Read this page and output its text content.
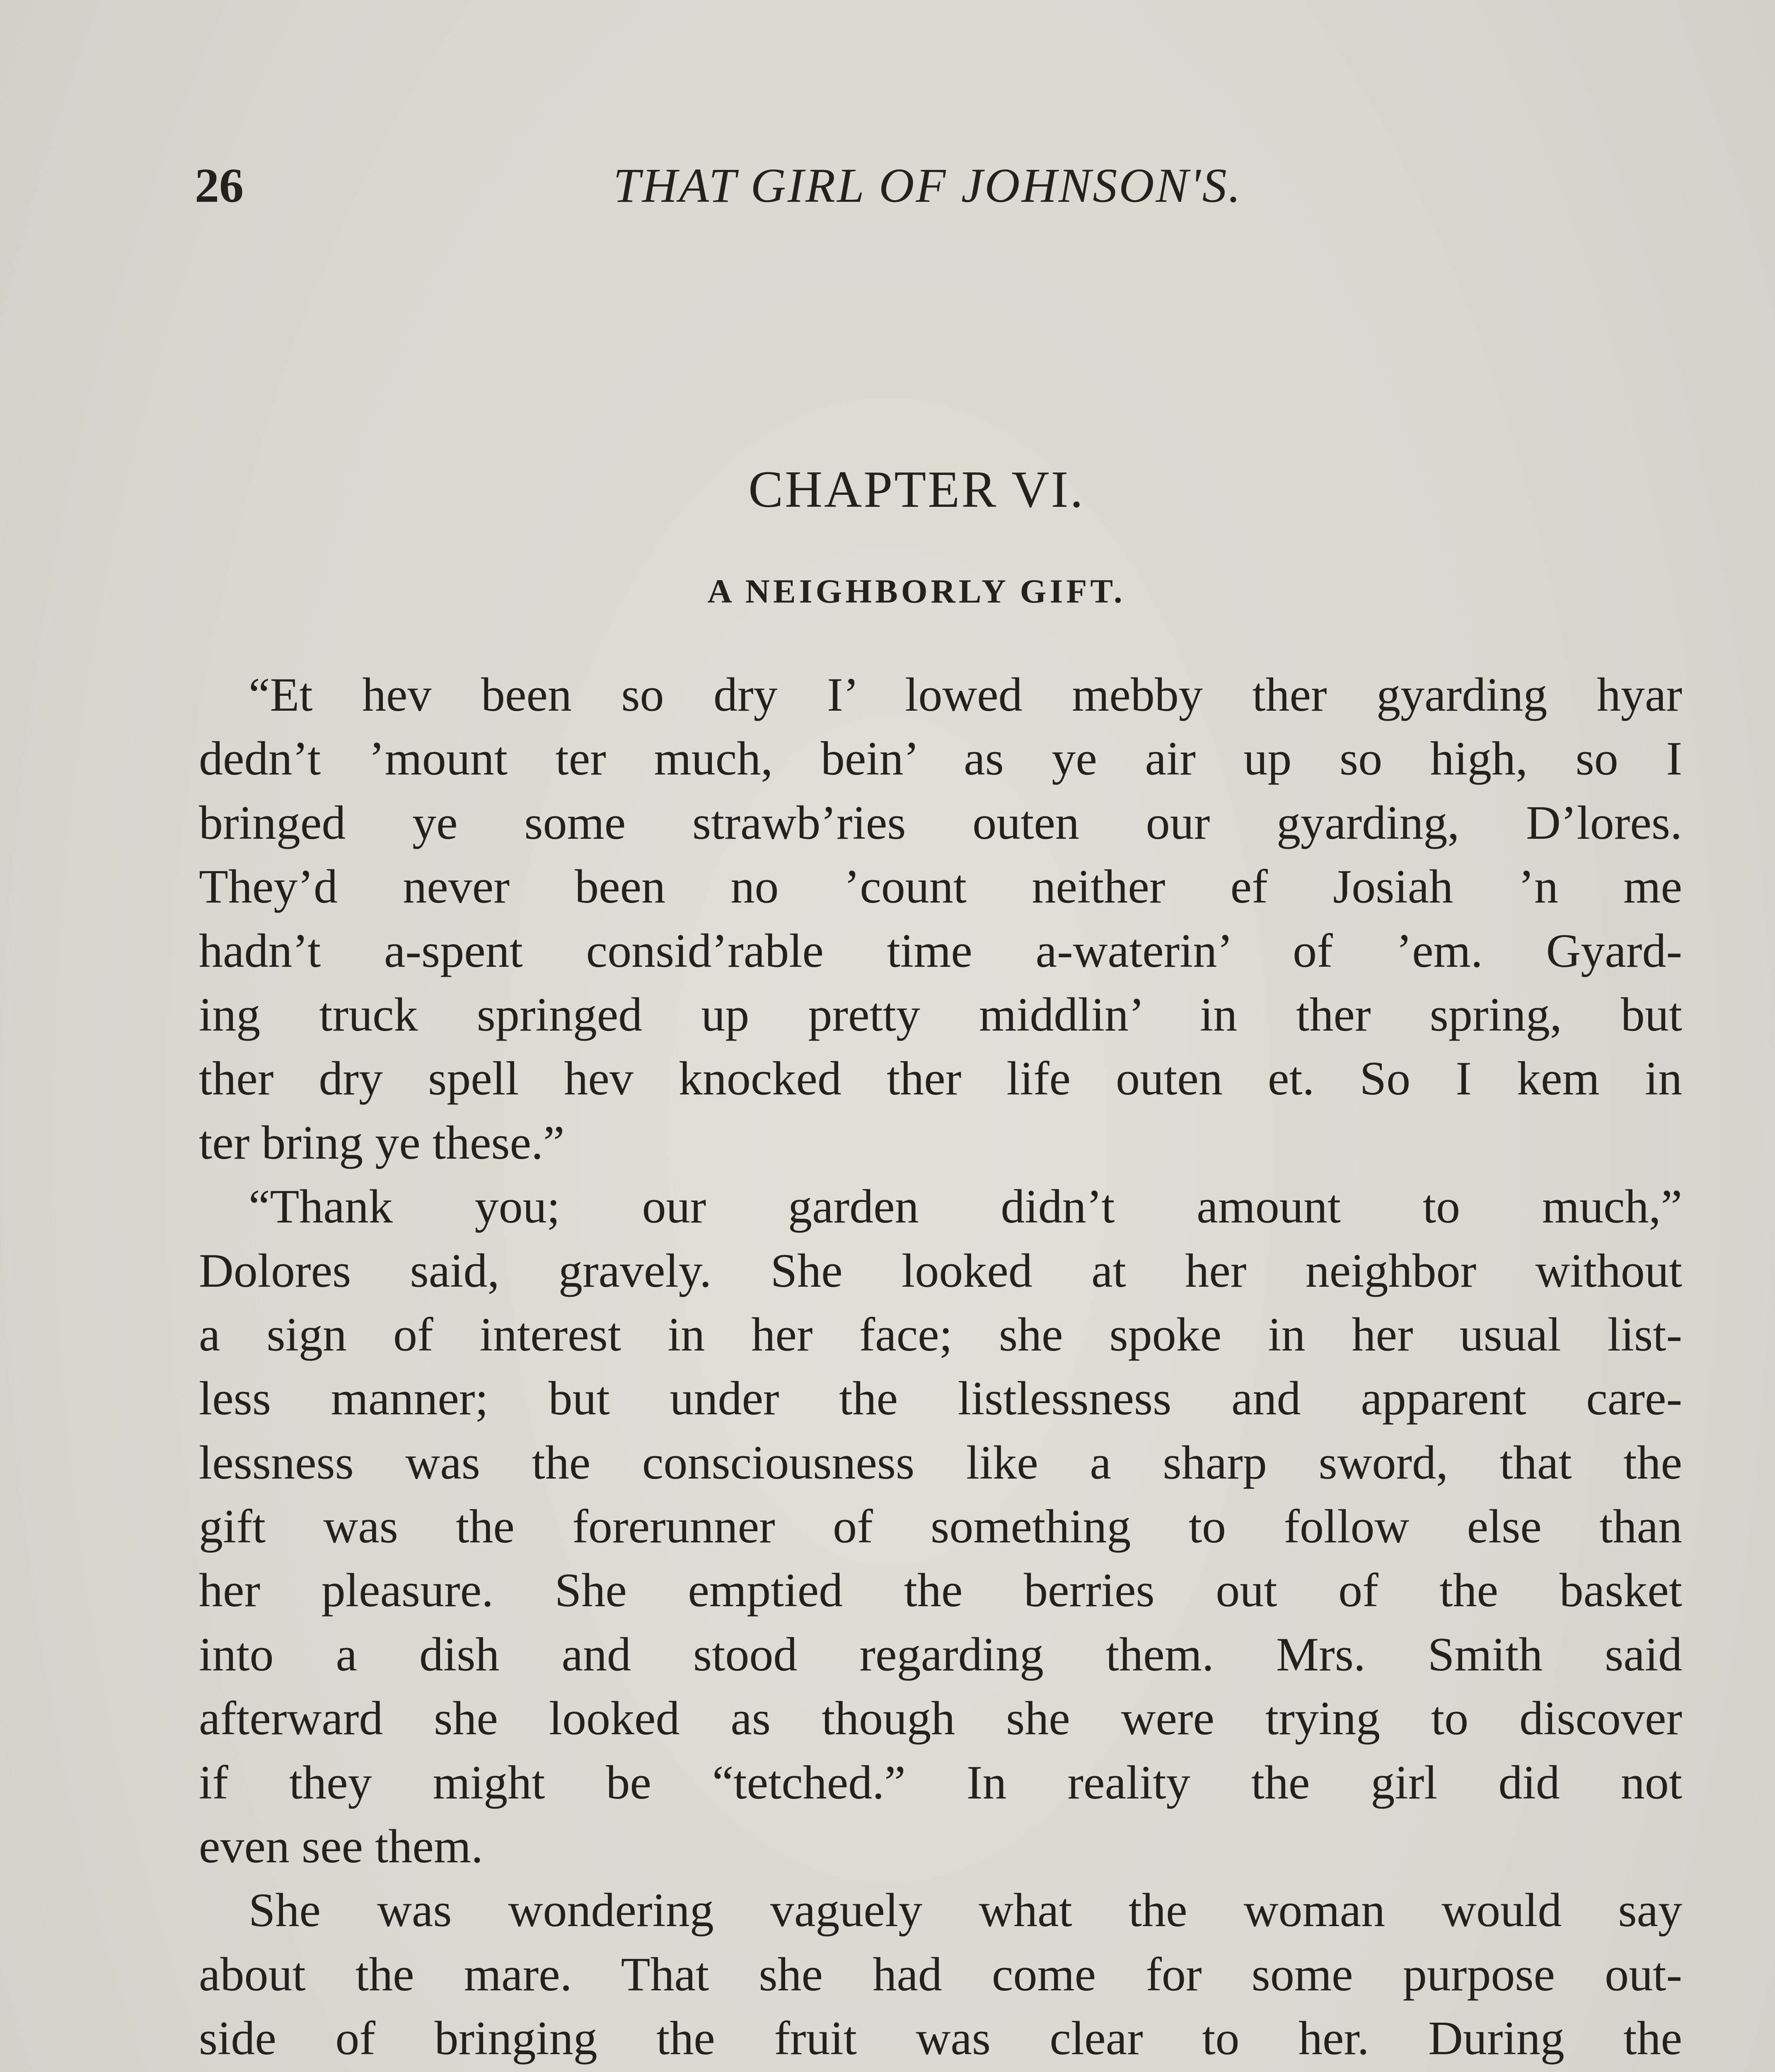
26	THAT GIRL OF JOHNSON'S.
CHAPTER VI.
A NEIGHBORLY GIFT.
“Et hev been so dry I’ lowed mebby ther gyarding hyar
dedn’t ’mount ter much, bein’ as ye air up so high, so I
bringed ye some strawb’ries outen our gyarding, D’lores.
They’d never been no ’count neither ef Josiah ’n me
hadn’t a-spent consid’rable time a-waterin’ of ’em. Gyard-
ing truck springed up pretty middlin’ in ther spring, but
ther dry spell hev knocked ther life outen et. So I kem in
ter bring ye these.”
“Thank you; our garden didn’t amount to much,”
Dolores said, gravely. She looked at her neighbor without
a sign of interest in her face; she spoke in her usual list-
less manner; but under the listlessness and apparent care-
lessness was the consciousness like a sharp sword, that the
gift was the forerunner of something to follow else than
her pleasure. She emptied the berries out of the basket
into a dish and stood regarding them. Mrs. Smith said
afterward she looked as though she were trying to discover
if they might be “tetched.” In reality the girl did not
even see them.
She was wondering vaguely what the woman would say
about the mare. That she had come for some purpose out-
side of bringing the fruit was clear to her. During the
